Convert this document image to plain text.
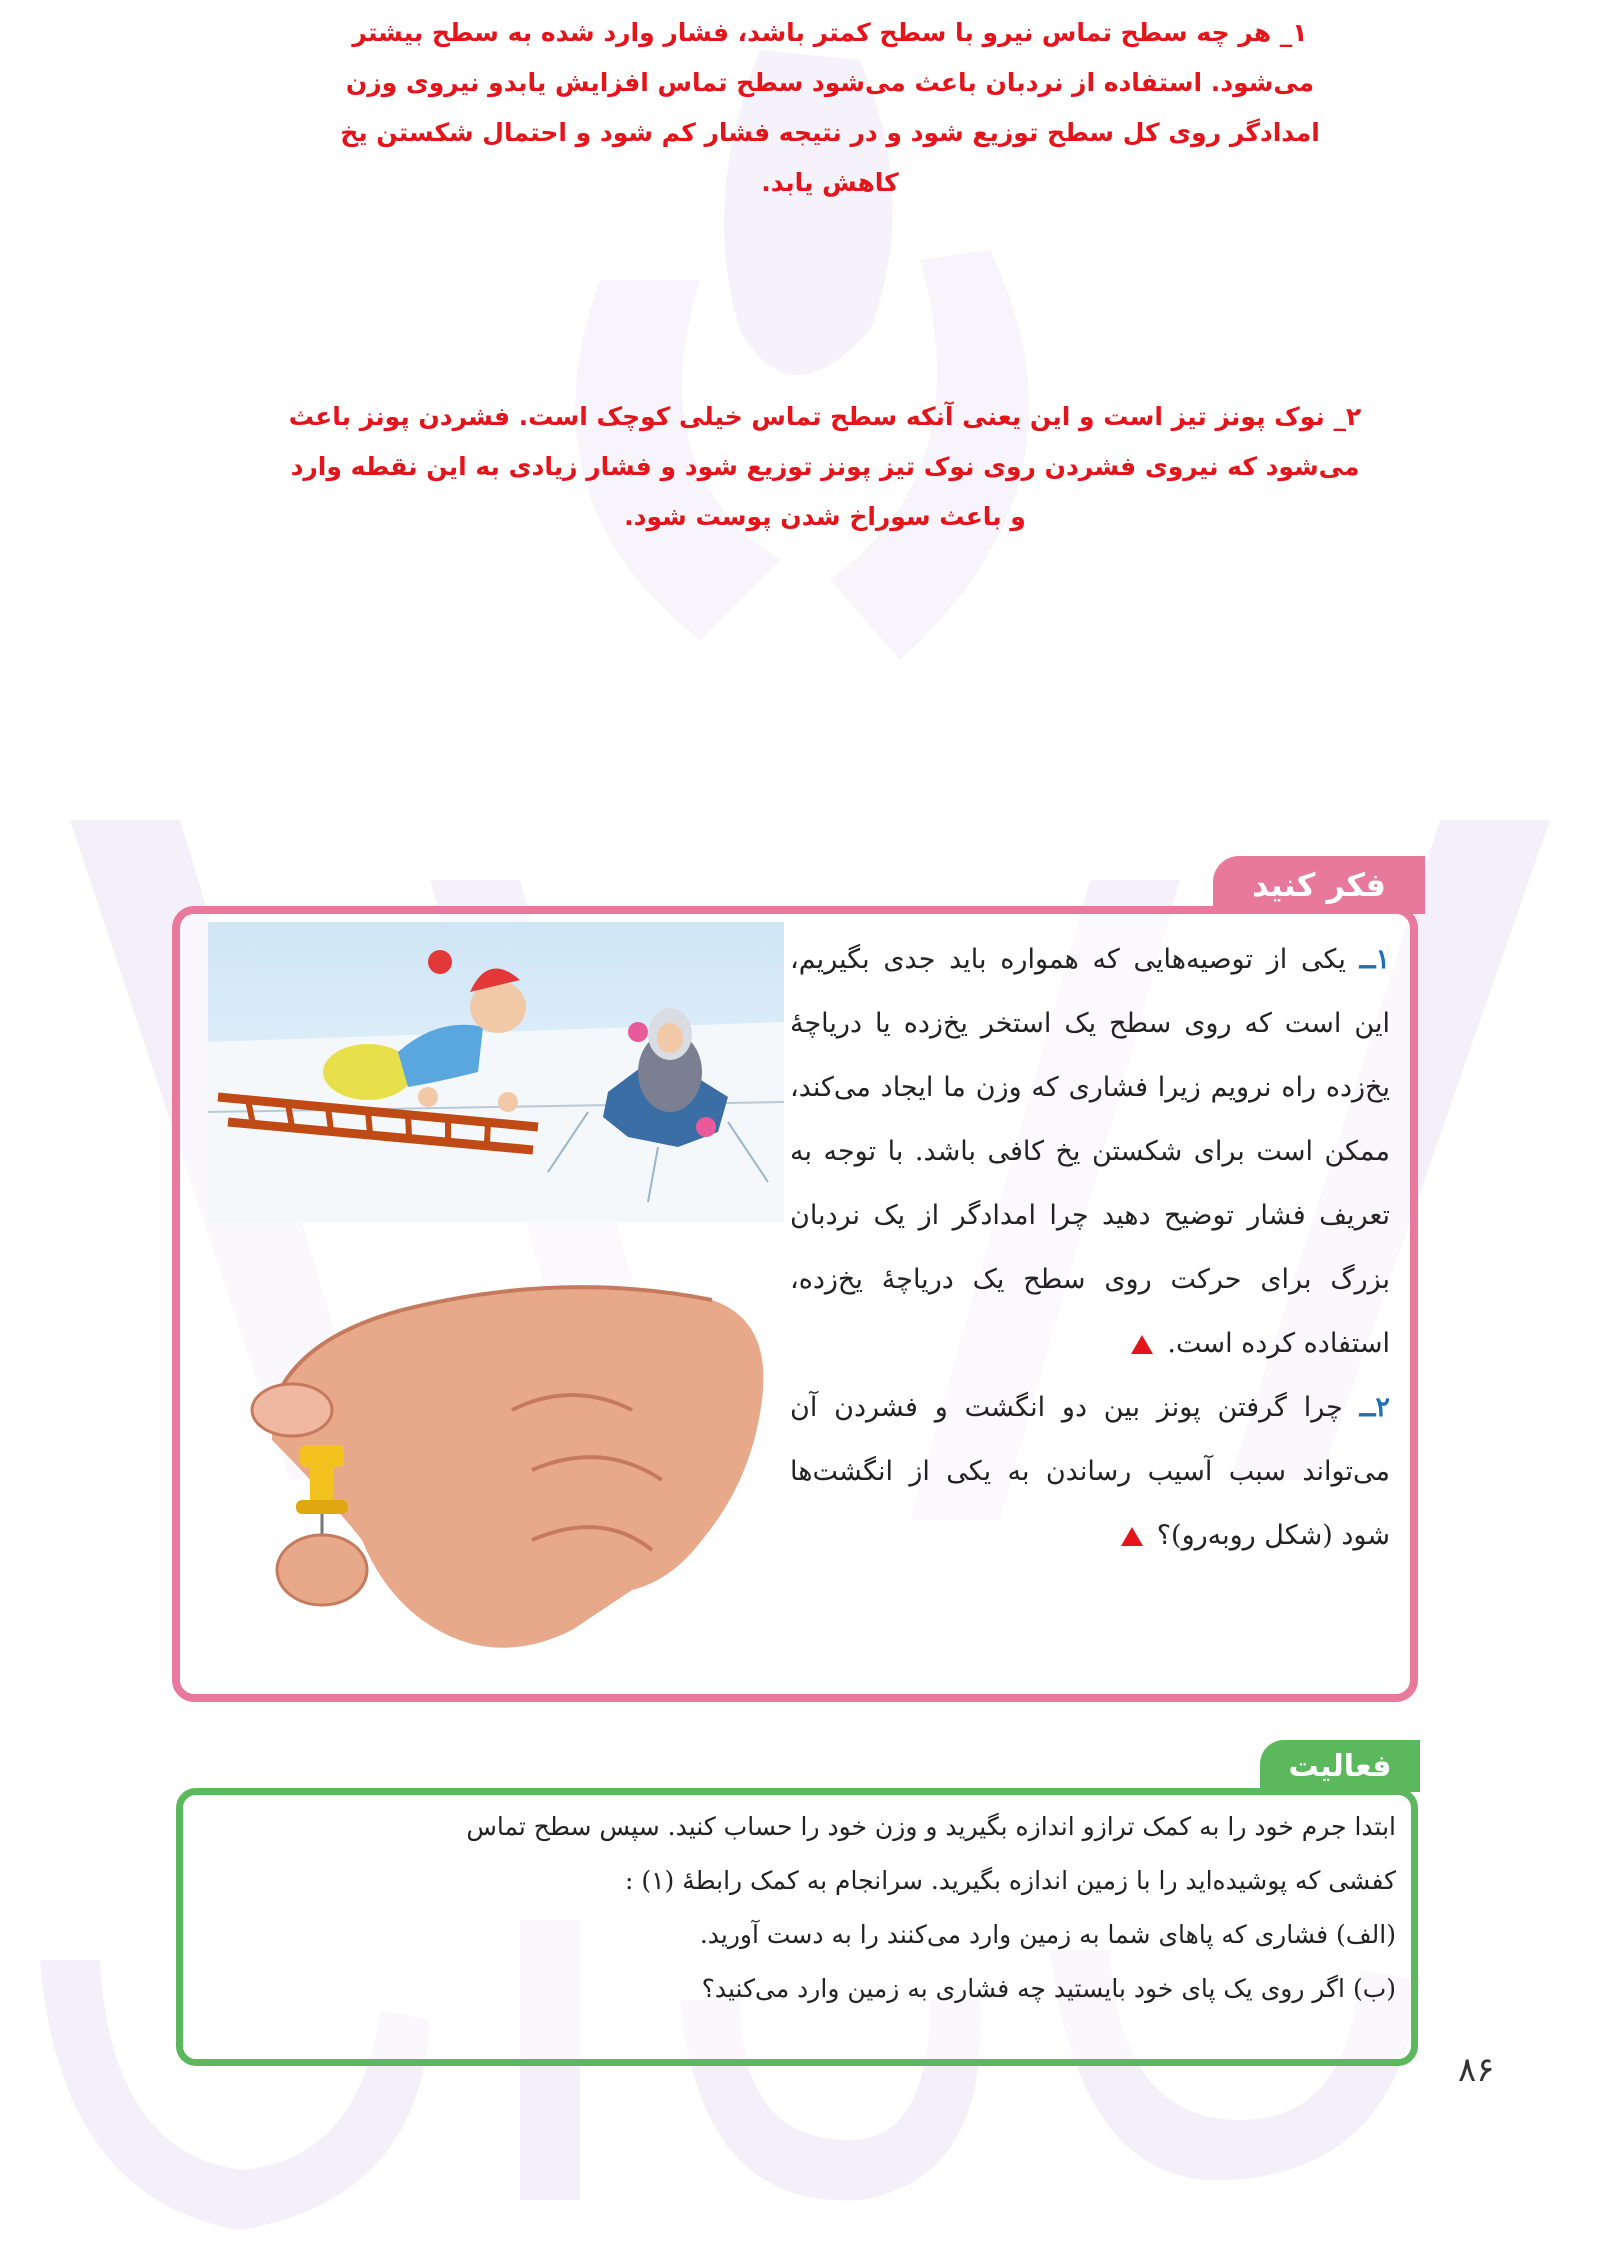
۱_ هر چه سطح تماس نیرو با سطح کمتر باشد، فشار وارد شده به سطح بیشتر می‌شود. استفاده از نردبان باعث می‌شود سطح تماس افزایش یابدو نیروی وزن امدادگر روی کل سطح توزیع شود و در نتیجه فشار کم شود و احتمال شکستن یخ کاهش یابد.
۲_ نوک پونز تیز است و این یعنی آنکه سطح تماس خیلی کوچک است. فشردن پونز باعث می‌شود که نیروی فشردن روی نوک تیز پونز توزیع شود و فشار زیادی به این نقطه وارد و باعث سوراخ شدن پوست شود.
فکر کنید
۱ــ یکی از توصیه‌هایی که همواره باید جدی بگیریم، این است که روی سطح یک استخر یخ‌زده یا دریاچهٔ یخ‌زده راه نرویم زیرا فشاری که وزن ما ایجاد می‌کند، ممکن است برای شکستن یخ کافی باشد. با توجه به تعریف فشار توضیح دهید چرا امدادگر از یک نردبان بزرگ برای حرکت روی سطح یک دریاچهٔ یخ‌زده، استفاده کرده است.
۲ــ چرا گرفتن پونز بین دو انگشت و فشردن آن می‌تواند سبب آسیب رساندن به یکی از انگشت‌ها شود (شکل روبه‌رو)؟
فعالیت
ابتدا جرم خود را به کمک ترازو اندازه بگیرید و وزن خود را حساب کنید. سپس سطح تماس
کفشی که پوشیده‌اید را با زمین اندازه بگیرید. سرانجام به کمک رابطهٔ (۱) :
(الف) فشاری که پاهای شما به زمین وارد می‌کنند را به دست آورید.
(ب) اگر روی یک پای خود بایستید چه فشاری به زمین وارد می‌کنید؟
۸۶
